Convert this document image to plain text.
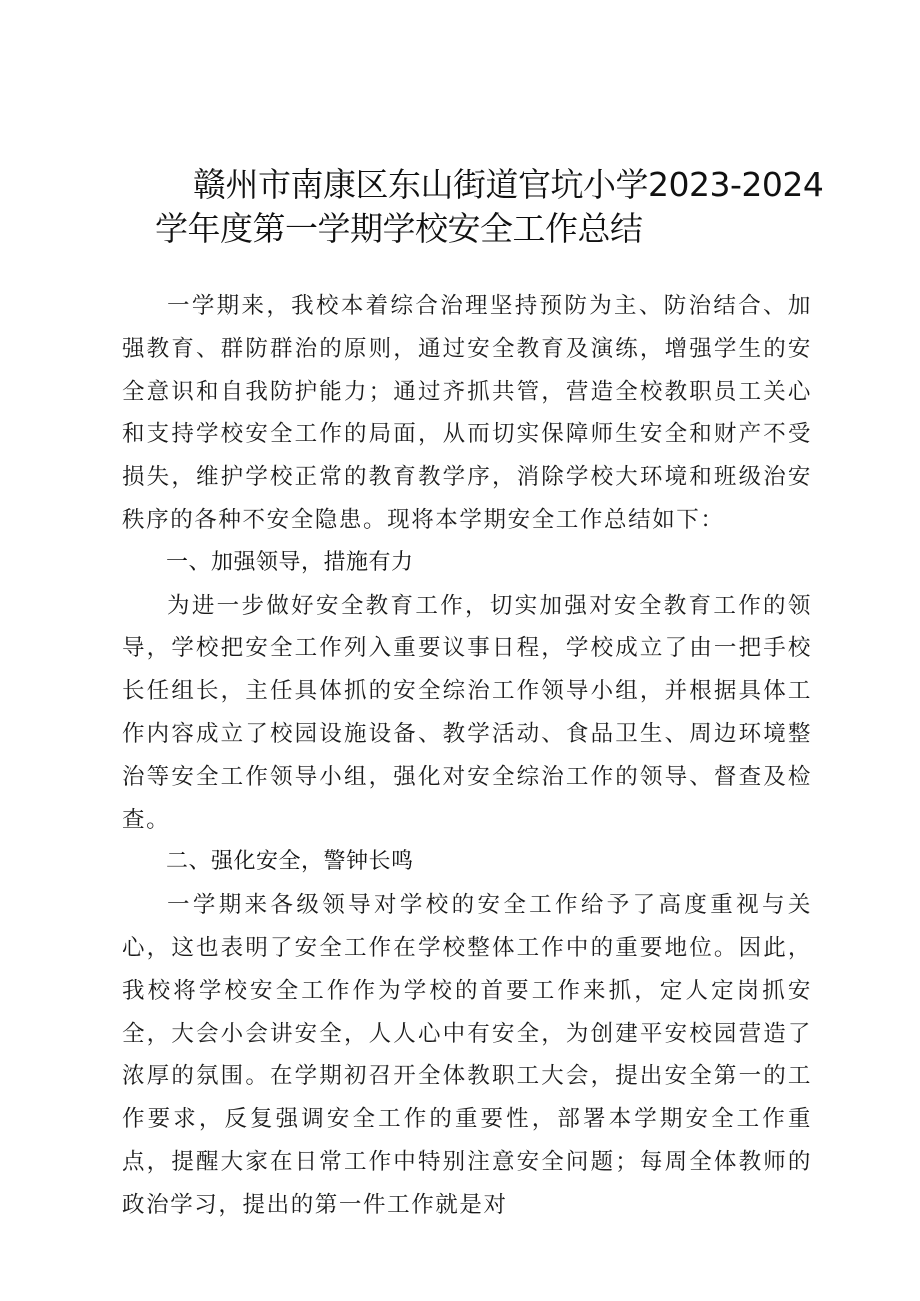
赣州市南康区东山街道官坑小学2023-2024
学年度第一学期学校安全工作总结

一学期来，我校本着综合治理坚持预防为主、防治结合、加强教育、群防群治的原则，通过安全教育及演练，增强学生的安全意识和自我防护能力；通过齐抓共管，营造全校教职员工关心和支持学校安全工作的局面，从而切实保障师生安全和财产不受损失，维护学校正常的教育教学序，消除学校大环境和班级治安秩序的各种不安全隐患。现将本学期安全工作总结如下：

一、加强领导，措施有力

为进一步做好安全教育工作，切实加强对安全教育工作的领导，学校把安全工作列入重要议事日程，学校成立了由一把手校长任组长，主任具体抓的安全综治工作领导小组，并根据具体工作内容成立了校园设施设备、教学活动、食品卫生、周边环境整治等安全工作领导小组，强化对安全综治工作的领导、督查及检查。

二、强化安全，警钟长鸣

一学期来各级领导对学校的安全工作给予了高度重视与关心，这也表明了安全工作在学校整体工作中的重要地位。因此，我校将学校安全工作作为学校的首要工作来抓，定人定岗抓安全，大会小会讲安全，人人心中有安全，为创建平安校园营造了浓厚的氛围。在学期初召开全体教职工大会，提出安全第一的工作要求，反复强调安全工作的重要性，部署本学期安全工作重点，提醒大家在日常工作中特别注意安全问题；每周全体教师的政治学习，提出的第一件工作就是对
